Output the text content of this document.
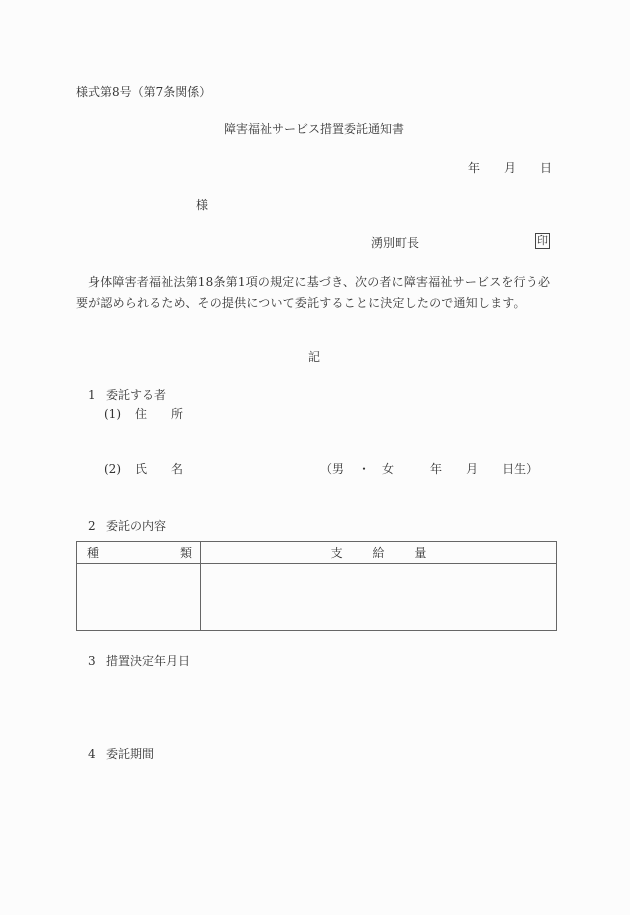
様式第8号（第7条関係）
障害福祉サービス措置委託通知書
年 月 日
様
湧別町長	印
身体障害者福祉法第18条第1項の規定に基づき、次の者に障害福祉サービスを行う必要が認められるため、その提供について委託することに決定したので通知します。
記
1 委託する者
(1) 住 所
(2) 氏 名	（男 ・ 女	年 月 日生）
2 委託の内容
種 類	支 給 量

3 措置決定年月日
4 委託期間
